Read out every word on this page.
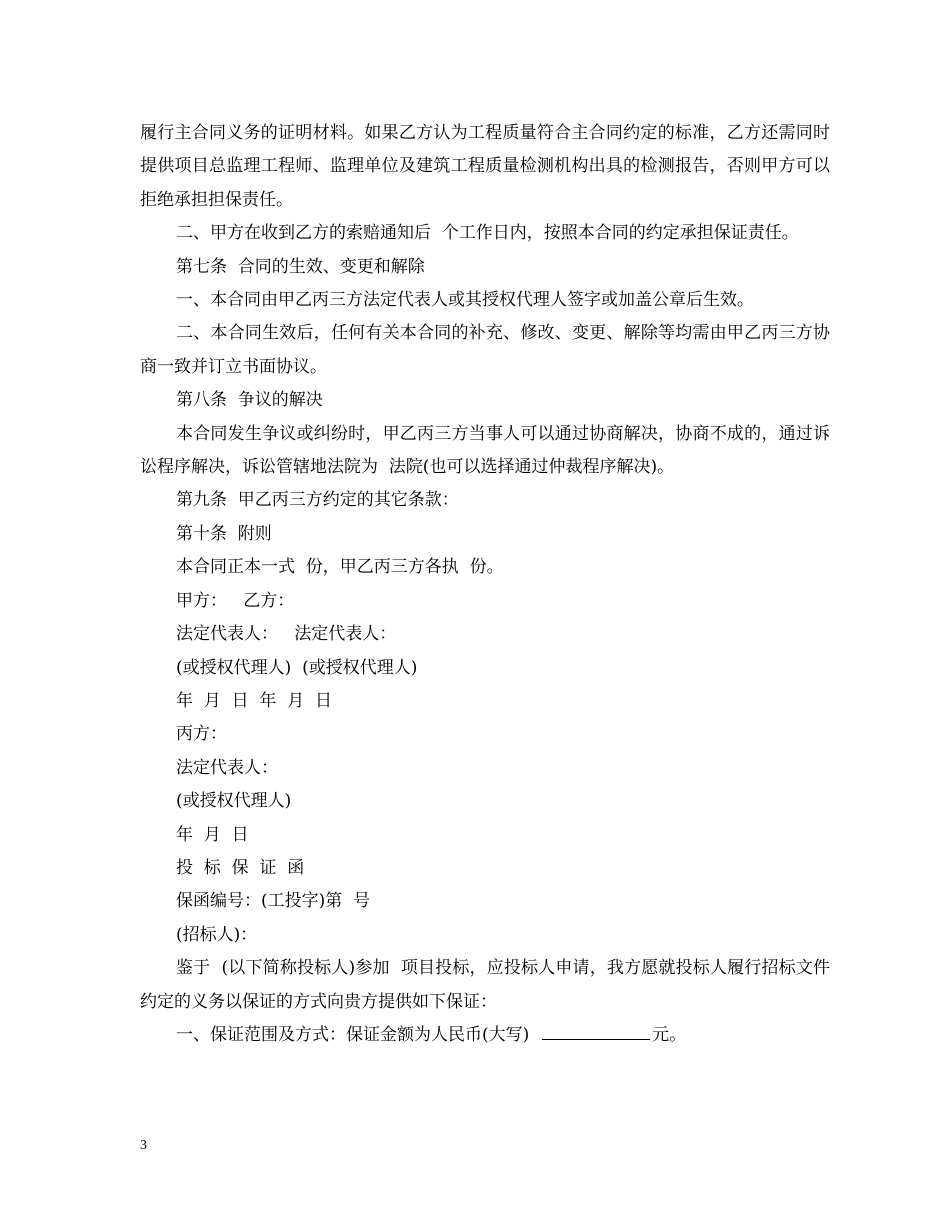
履行主合同义务的证明材料。如果乙方认为工程质量符合主合同约定的标准，乙方还需同时提供项目总监理工程师、监理单位及建筑工程质量检测机构出具的检测报告，否则甲方可以拒绝承担担保责任。

二、甲方在收到乙方的索赔通知后  个工作日内，按照本合同的约定承担保证责任。

第七条  合同的生效、变更和解除

一、本合同由甲乙丙三方法定代表人或其授权代理人签字或加盖公章后生效。

二、本合同生效后，任何有关本合同的补充、修改、变更、解除等均需由甲乙丙三方协商一致并订立书面协议。

第八条  争议的解决

本合同发生争议或纠纷时，甲乙丙三方当事人可以通过协商解决，协商不成的，通过诉讼程序解决，诉讼管辖地法院为  法院(也可以选择通过仲裁程序解决)。

第九条  甲乙丙三方约定的其它条款：

第十条  附则

本合同正本一式  份，甲乙丙三方各执  份。

甲方：   乙方：

法定代表人：   法定代表人：

(或授权代理人)  (或授权代理人)

年  月  日  年  月  日

丙方：

法定代表人：

(或授权代理人)

年  月  日

投  标  保  证  函

保函编号：(工投字)第  号

(招标人)：

鉴于  (以下简称投标人)参加  项目投标，应投标人申请，我方愿就投标人履行招标文件约定的义务以保证的方式向贵方提供如下保证：

一、保证范围及方式：保证金额为人民币(大写)	元。

3
